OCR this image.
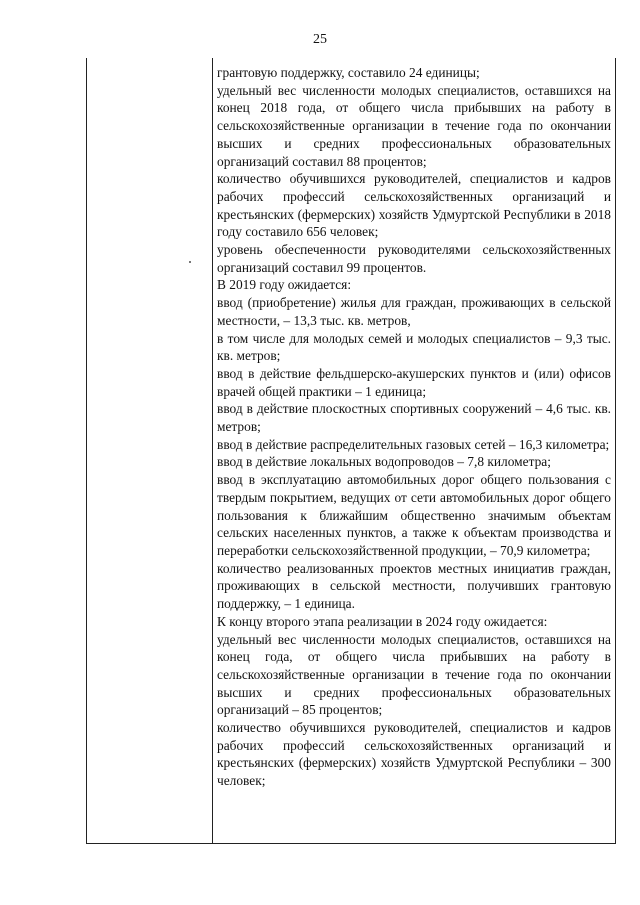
25

грантовую поддержку, составило 24 единицы;

удельный вес численности молодых специалистов, оставшихся на конец 2018 года, от общего числа прибывших на работу в сельскохозяйственные организации в течение года по окончании высших и средних профессиональных образовательных организаций составил 88 процентов;

количество обучившихся руководителей, специалистов и кадров рабочих профессий сельскохозяйственных организаций и крестьянских (фермерских) хозяйств Удмуртской Республики в 2018 году составило 656 человек;

уровень обеспеченности руководителями сельскохозяйственных организаций составил 99 процентов.

В 2019 году ожидается:

ввод (приобретение) жилья для граждан, проживающих в сельской местности, – 13,3 тыс. кв. метров,

в том числе для молодых семей и молодых специалистов – 9,3 тыс. кв. метров;

ввод в действие фельдшерско-акушерских пунктов и (или) офисов врачей общей практики – 1 единица;

ввод в действие плоскостных спортивных сооружений – 4,6 тыс. кв. метров;

ввод в действие распределительных газовых сетей – 16,3 километра;

ввод в действие локальных водопроводов – 7,8 километра;

ввод в эксплуатацию автомобильных дорог общего пользования с твердым покрытием, ведущих от сети автомобильных дорог общего пользования к ближайшим общественно значимым объектам сельских населенных пунктов, а также к объектам производства и переработки сельскохозяйственной продукции, – 70,9 километра;

количество реализованных проектов местных инициатив граждан, проживающих в сельской местности, получивших грантовую поддержку, – 1 единица.

К концу второго этапа реализации в 2024 году ожидается:

удельный вес численности молодых специалистов, оставшихся на конец года, от общего числа прибывших на работу в сельскохозяйственные организации в течение года по окончании высших и средних профессиональных образовательных организаций – 85 процентов;

количество обучившихся руководителей, специалистов и кадров рабочих профессий сельскохозяйственных организаций и крестьянских (фермерских) хозяйств Удмуртской Республики – 300 человек;
